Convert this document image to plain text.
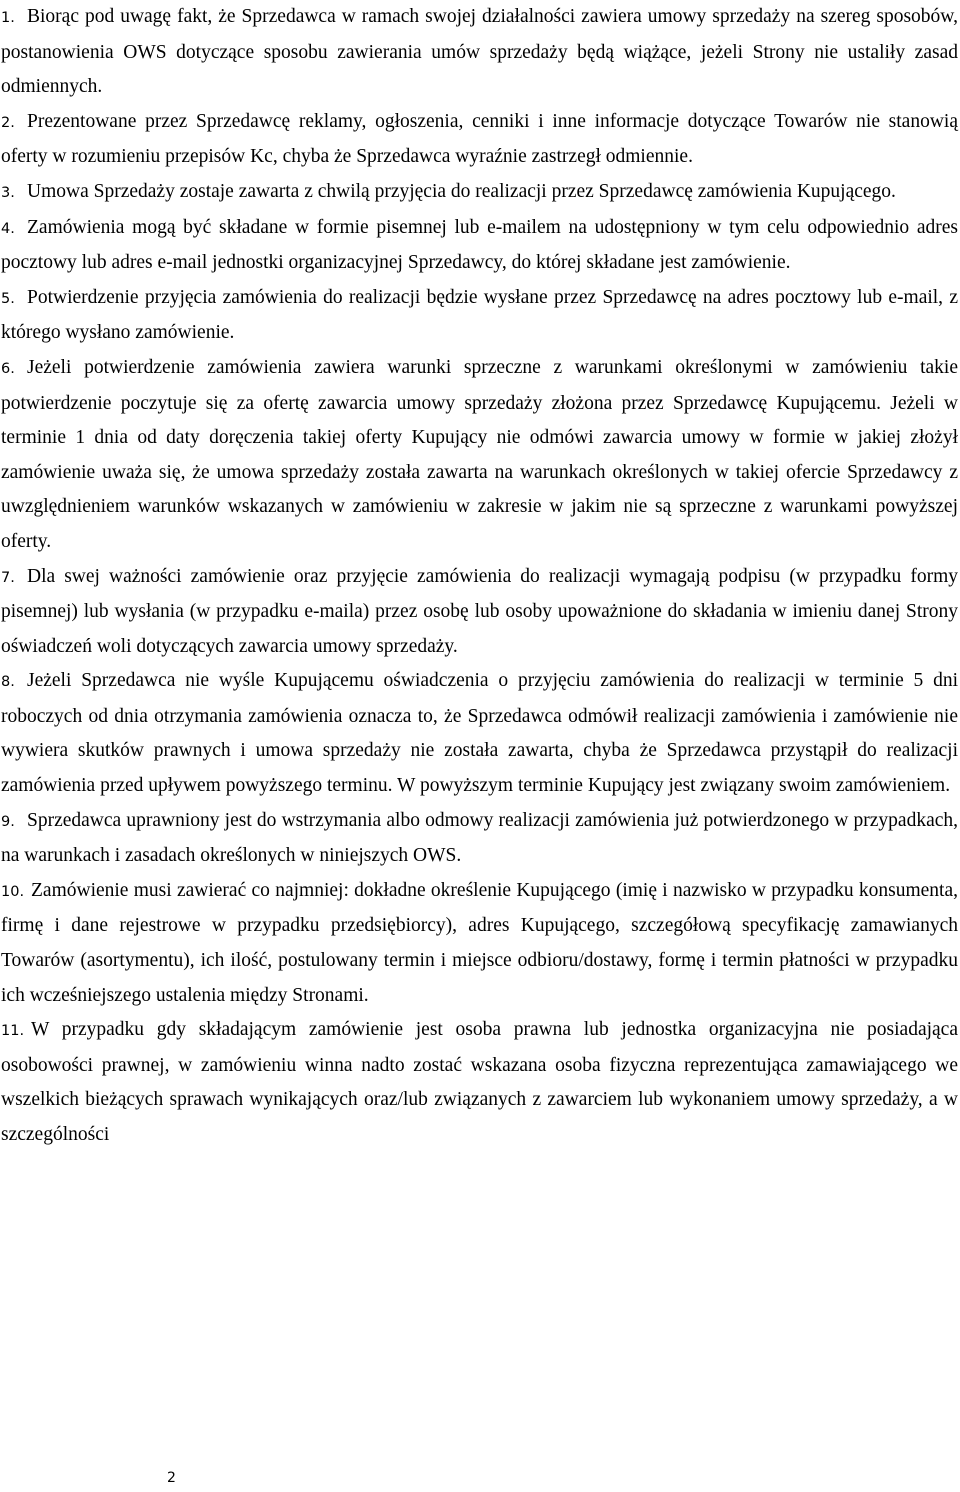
1. Biorąc pod uwagę fakt, że Sprzedawca w ramach swojej działalności zawiera umowy sprzedaży na szereg sposobów, postanowienia OWS dotyczące sposobu zawierania umów sprzedaży będą wiążące, jeżeli Strony nie ustaliły zasad odmiennych.

2. Prezentowane przez Sprzedawcę reklamy, ogłoszenia, cenniki i inne informacje dotyczące Towarów nie stanowią oferty w rozumieniu przepisów Kc, chyba że Sprzedawca wyraźnie zastrzegł odmiennie.

3. Umowa Sprzedaży zostaje zawarta z chwilą przyjęcia do realizacji przez Sprzedawcę zamówienia Kupującego.

4. Zamówienia mogą być składane w formie pisemnej lub e-mailem na udostępniony w tym celu odpowiednio adres pocztowy lub adres e-mail jednostki organizacyjnej Sprzedawcy, do której składane jest zamówienie.

5. Potwierdzenie przyjęcia zamówienia do realizacji będzie wysłane przez Sprzedawcę na adres pocztowy lub e-mail, z którego wysłano zamówienie.

6. Jeżeli potwierdzenie zamówienia zawiera warunki sprzeczne z warunkami określonymi w zamówieniu takie potwierdzenie poczytuje się za ofertę zawarcia umowy sprzedaży złożona przez Sprzedawcę Kupującemu. Jeżeli w terminie 1 dnia od daty doręczenia takiej oferty Kupujący nie odmówi zawarcia umowy w formie w jakiej złożył zamówienie uważa się, że umowa sprzedaży została zawarta na warunkach określonych w takiej ofercie Sprzedawcy z uwzględnieniem warunków wskazanych w zamówieniu w zakresie w jakim nie są sprzeczne z warunkami powyższej oferty.

7. Dla swej ważności zamówienie oraz przyjęcie zamówienia do realizacji wymagają podpisu (w przypadku formy pisemnej) lub wysłania (w przypadku e-maila) przez osobę lub osoby upoważnione do składania w imieniu danej Strony oświadczeń woli dotyczących zawarcia umowy sprzedaży.

8. Jeżeli Sprzedawca nie wyśle Kupującemu oświadczenia o przyjęciu zamówienia do realizacji w terminie 5 dni roboczych od dnia otrzymania zamówienia oznacza to, że Sprzedawca odmówił realizacji zamówienia i zamówienie nie wywiera skutków prawnych i umowa sprzedaży nie została zawarta, chyba że Sprzedawca przystąpił do realizacji zamówienia przed upływem powyższego terminu. W powyższym terminie Kupujący jest związany swoim zamówieniem.

9. Sprzedawca uprawniony jest do wstrzymania albo odmowy realizacji zamówienia już potwierdzonego w przypadkach, na warunkach i zasadach określonych w niniejszych OWS.

10. Zamówienie musi zawierać co najmniej: dokładne określenie Kupującego (imię i nazwisko w przypadku konsumenta, firmę i dane rejestrowe w przypadku przedsiębiorcy), adres Kupującego, szczegółową specyfikację zamawianych Towarów (asortymentu), ich ilość, postulowany termin i miejsce odbioru/dostawy, formę i termin płatności w przypadku ich wcześniejszego ustalenia między Stronami.

11. W przypadku gdy składającym zamówienie jest osoba prawna lub jednostka organizacyjna nie posiadająca osobowości prawnej, w zamówieniu winna nadto zostać wskazana osoba fizyczna reprezentująca zamawiającego we wszelkich bieżących sprawach wynikających oraz/lub związanych z zawarciem lub wykonaniem umowy sprzedaży, a w szczególności

2
